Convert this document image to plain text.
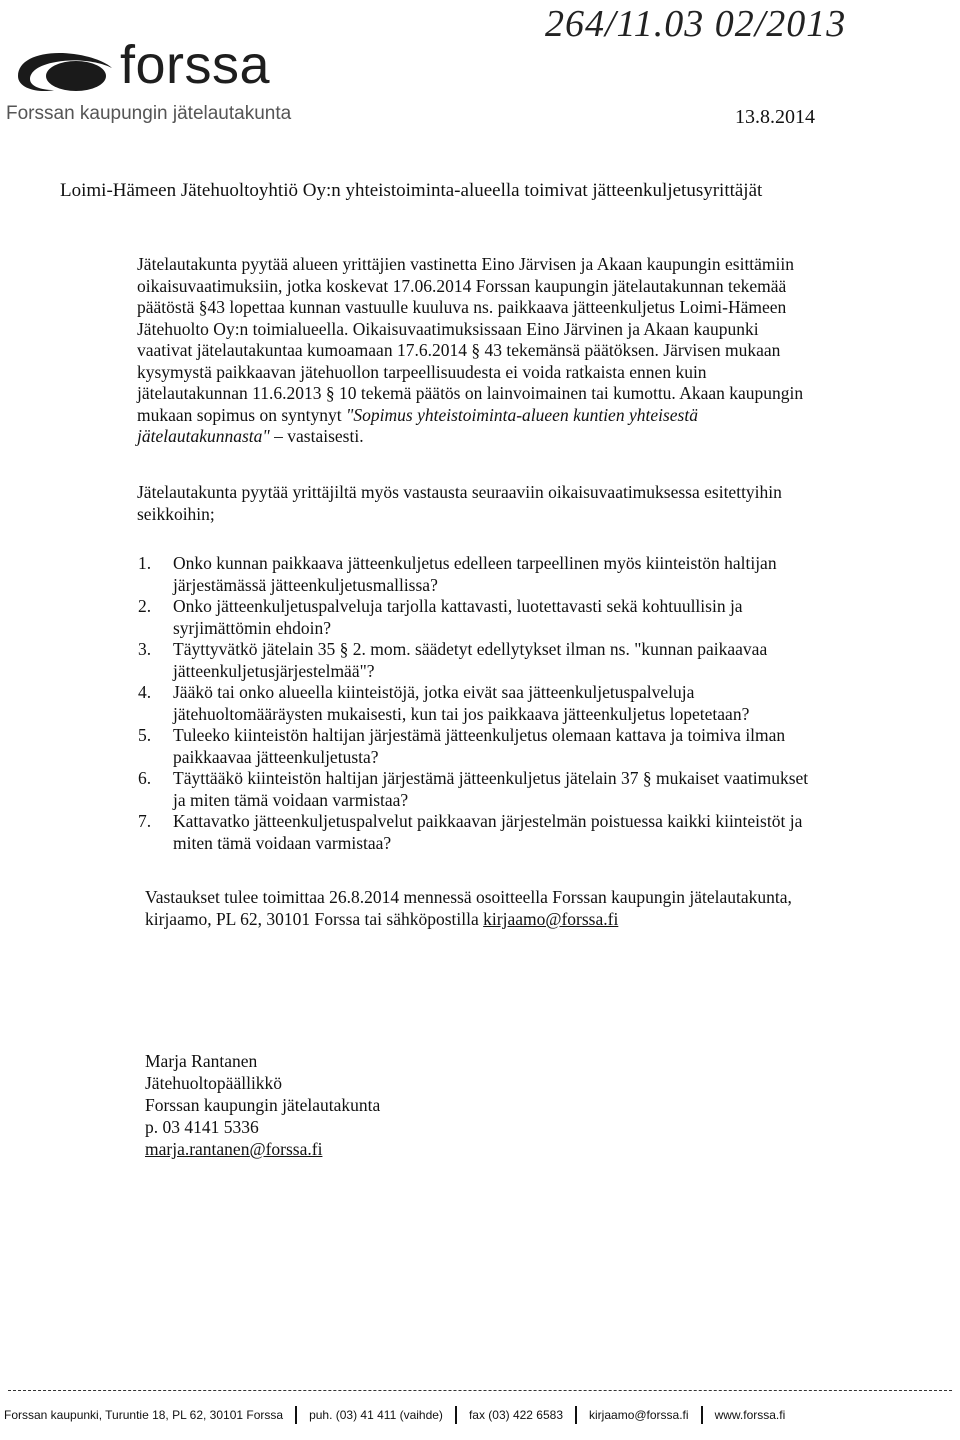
forssa
Forssan kaupungin jätelautakunta
264/11.03 02/2013
13.8.2014
Loimi-Hämeen Jätehuoltoyhtiö Oy:n yhteistoiminta-alueella toimivat jätteenkuljetusyrittäjät
Jätelautakunta pyytää alueen yrittäjien vastinetta Eino Järvisen ja Akaan kaupungin esittämiin
oikaisuvaatimuksiin, jotka koskevat 17.06.2014 Forssan kaupungin jätelautakunnan tekemää
päätöstä §43 lopettaa kunnan vastuulle kuuluva ns. paikkaava jätteenkuljetus Loimi-Hämeen
Jätehuolto Oy:n toimialueella. Oikaisuvaatimuksissaan Eino Järvinen ja Akaan kaupunki
vaativat jätelautakuntaa kumoamaan 17.6.2014 § 43 tekemänsä päätöksen. Järvisen mukaan
kysymystä paikkaavan jätehuollon tarpeellisuudesta ei voida ratkaista ennen kuin
jätelautakunnan 11.6.2013 § 10 tekemä päätös on lainvoimainen tai kumottu. Akaan kaupungin
mukaan sopimus on syntynyt "Sopimus yhteistoiminta-alueen kuntien yhteisestä
jätelautakunnasta" – vastaisesti.
Jätelautakunta pyytää yrittäjiltä myös vastausta seuraaviin oikaisuvaatimuksessa esitettyihin
seikkoihin;
1.	Onko kunnan paikkaava jätteenkuljetus edelleen tarpeellinen myös kiinteistön haltijan
järjestämässä jätteenkuljetusmallissa?
2.	Onko jätteenkuljetuspalveluja tarjolla kattavasti, luotettavasti sekä kohtuullisin ja
syrjimättömin ehdoin?
3.	Täyttyvätkö jätelain 35 § 2. mom. säädetyt edellytykset ilman ns. "kunnan paikaavaa
jätteenkuljetusjärjestelmää"?
4.	Jääkö tai onko alueella kiinteistöjä, jotka eivät saa jätteenkuljetuspalveluja
jätehuoltomääräysten mukaisesti, kun tai jos paikkaava jätteenkuljetus lopetetaan?
5.	Tuleeko kiinteistön haltijan järjestämä jätteenkuljetus olemaan kattava ja toimiva ilman
paikkaavaa jätteenkuljetusta?
6.	Täyttääkö kiinteistön haltijan järjestämä jätteenkuljetus jätelain 37 § mukaiset vaatimukset
ja miten tämä voidaan varmistaa?
7.	Kattavatko jätteenkuljetuspalvelut paikkaavan järjestelmän poistuessa kaikki kiinteistöt ja
miten tämä voidaan varmistaa?
Vastaukset tulee toimittaa 26.8.2014 mennessä osoitteella Forssan kaupungin jätelautakunta,
kirjaamo, PL 62, 30101 Forssa tai sähköpostilla kirjaamo@forssa.fi
Marja Rantanen
Jätehuoltopäällikkö
Forssan kaupungin jätelautakunta
p. 03 4141 5336
marja.rantanen@forssa.fi
Forssan kaupunki, Turuntie 18, PL 62, 30101 Forssa puh. (03) 41 411 (vaihde) fax (03) 422 6583 kirjaamo@forssa.fi www.forssa.fi
